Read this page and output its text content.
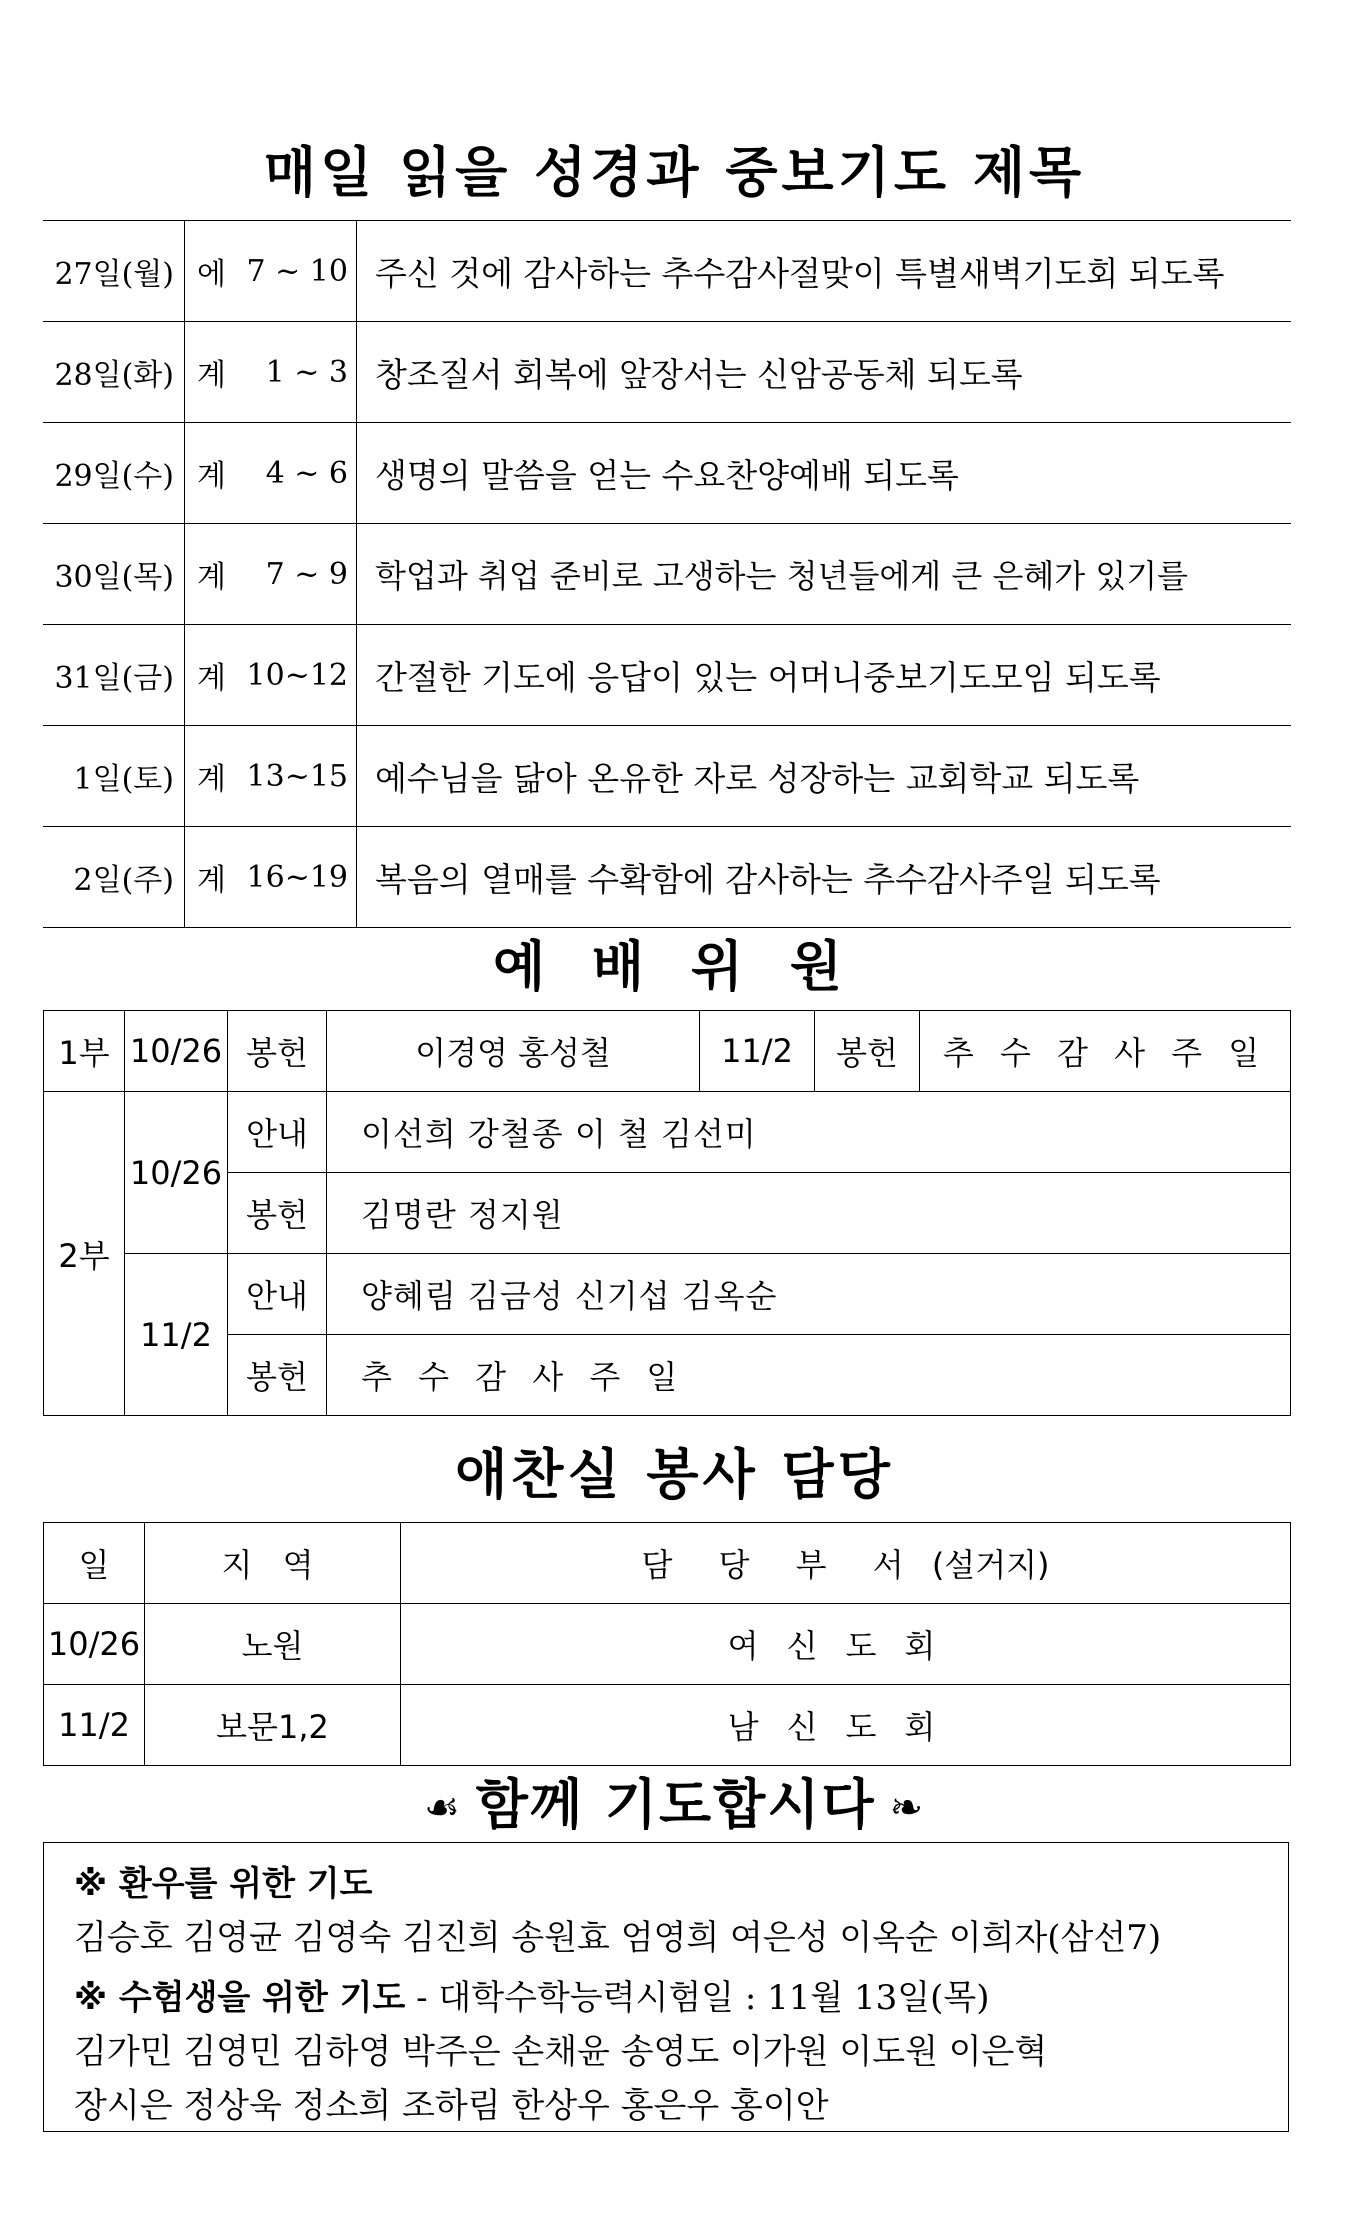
매일 읽을 성경과 중보기도 제목
27일(월) 에 7 ~ 10 주신 것에 감사하는 추수감사절맞이 특별새벽기도회 되도록
28일(화) 계 1 ~ 3 창조질서 회복에 앞장서는 신암공동체 되도록
29일(수) 계 4 ~ 6 생명의 말씀을 얻는 수요찬양예배 되도록
30일(목) 계 7 ~ 9 학업과 취업 준비로 고생하는 청년들에게 큰 은혜가 있기를
31일(금) 계 10~12 간절한 기도에 응답이 있는 어머니중보기도모임 되도록
1일(토) 계 13~15 예수님을 닮아 온유한 자로 성장하는 교회학교 되도록
2일(주) 계 16~19 복음의 열매를 수확함에 감사하는 추수감사주일 되도록
예 배 위 원
1부	10/26	봉헌	이경영 홍성철	11/2	봉헌	추 수 감 사 주 일
2부	10/26	안내	이선희 강철종 이 철 김선미			
		봉헌	김명란 정지원			
	11/2	안내	양혜림 김금성 신기섭 김옥순			
		봉헌	추 수 감 사 주 일			
애찬실 봉사 담당
일	지 역	담 당 부 서 (설거지)
10/26	노원	여신도회
11/2	보문1,2	남신도회
☙ 함께 기도합시다 ❧
※ 환우를 위한 기도
김승호 김영균 김영숙 김진희 송원효 엄영희 여은성 이옥순 이희자(삼선7)
※ 수험생을 위한 기도 - 대학수학능력시험일 : 11월 13일(목)
김가민 김영민 김하영 박주은 손채윤 송영도 이가원 이도원 이은혁
장시은 정상욱 정소희 조하림 한상우 홍은우 홍이안
